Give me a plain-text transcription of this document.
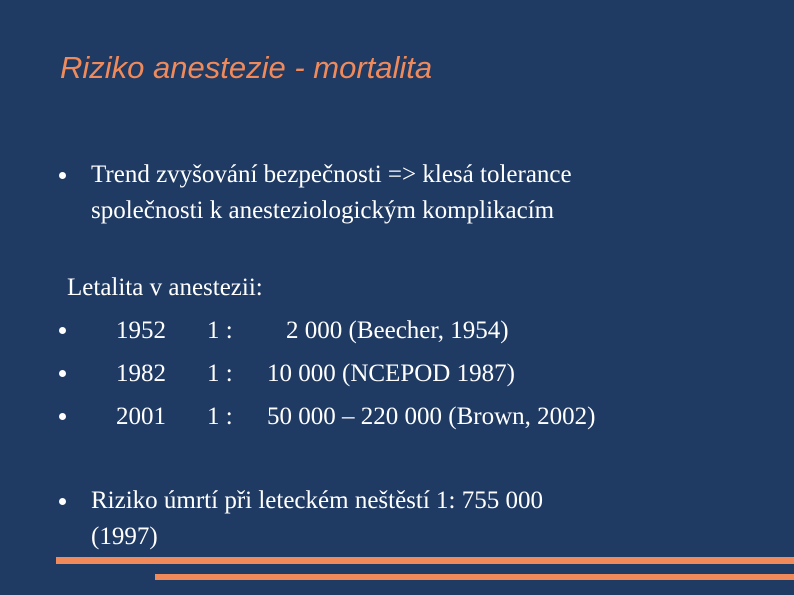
Riziko anestezie - mortalita
Trend zvyšování bezpečnosti => klesá tolerance
společnosti k anesteziologickým komplikacím
Letalita v anestezii:
1952	1 :	2 000 (Beecher, 1954)
1982	1 :	10 000 (NCEPOD 1987)
2001	1 :	50 000 – 220 000 (Brown, 2002)
Riziko úmrtí při leteckém neštěstí 1: 755 000
(1997)
